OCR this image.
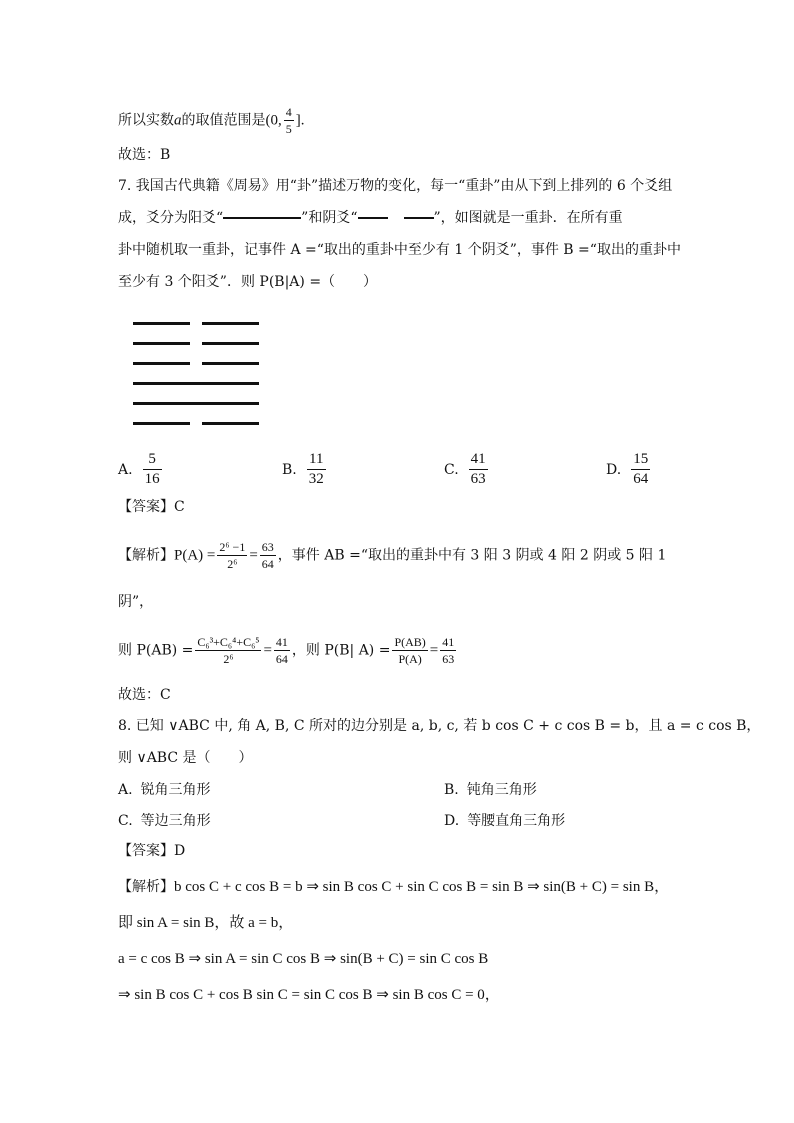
所以实数a的取值范围是(0, $\frac{4}{5}$ ].
故选：B
7. 我国古代典籍《周易》用“卦”描述万物的变化，每一“重卦”由从下到上排列的 6 个爻组
成，爻分为阳爻“	”和阴爻“	”，如图就是一重卦．在所有重
卦中随机取一重卦，记事件 A =“取出的重卦中至少有 1 个阴爻”，事件 B =“取出的重卦中
至少有 3 个阳爻”．则 P(B|A) =（　　）
A. $\frac{5}{16}$	B. $\frac{11}{32}$	C. $\frac{41}{63}$	D. $\frac{15}{64}$
【答案】C
【解析】$P(A) = \frac{\text{2⁶ −1}}{\text{2⁶}} = \frac{63}{64}$ ，事件 AB =“取出的重卦中有 3 阳 3 阴或 4 阳 2 阴或 5 阳 1
阴”，
则 $P(AB) = \frac{\text{C₆³+C₆⁴+C₆⁵}}{\text{2⁶}} = \frac{41}{64}$ ，则 P(B| $A) = \frac{P(AB)}{P(A)} = \frac{41}{63}$
故选：C
8. 已知 ∨ABC 中, 角 A, B, C 所对的边分别是 a, b, c, 若 b cos C + c cos B = b，且 a = c cos B，
则 ∨ABC 是（　　）
A. 锐角三角形	B. 钝角三角形
C. 等边三角形	D. 等腰直角三角形
【答案】D
【解析】b cos C + c cos B = b ⇒ sin B cos C + sin C cos B = sin B ⇒ sin(B + C) = sin B，
即 sin A = sin B，故 a = b，
a = c cos B ⇒ sin A = sin C cos B ⇒ sin(B + C) = sin C cos B
⇒ sin B cos C + cos B sin C = sin C cos B ⇒ sin B cos C = 0，
